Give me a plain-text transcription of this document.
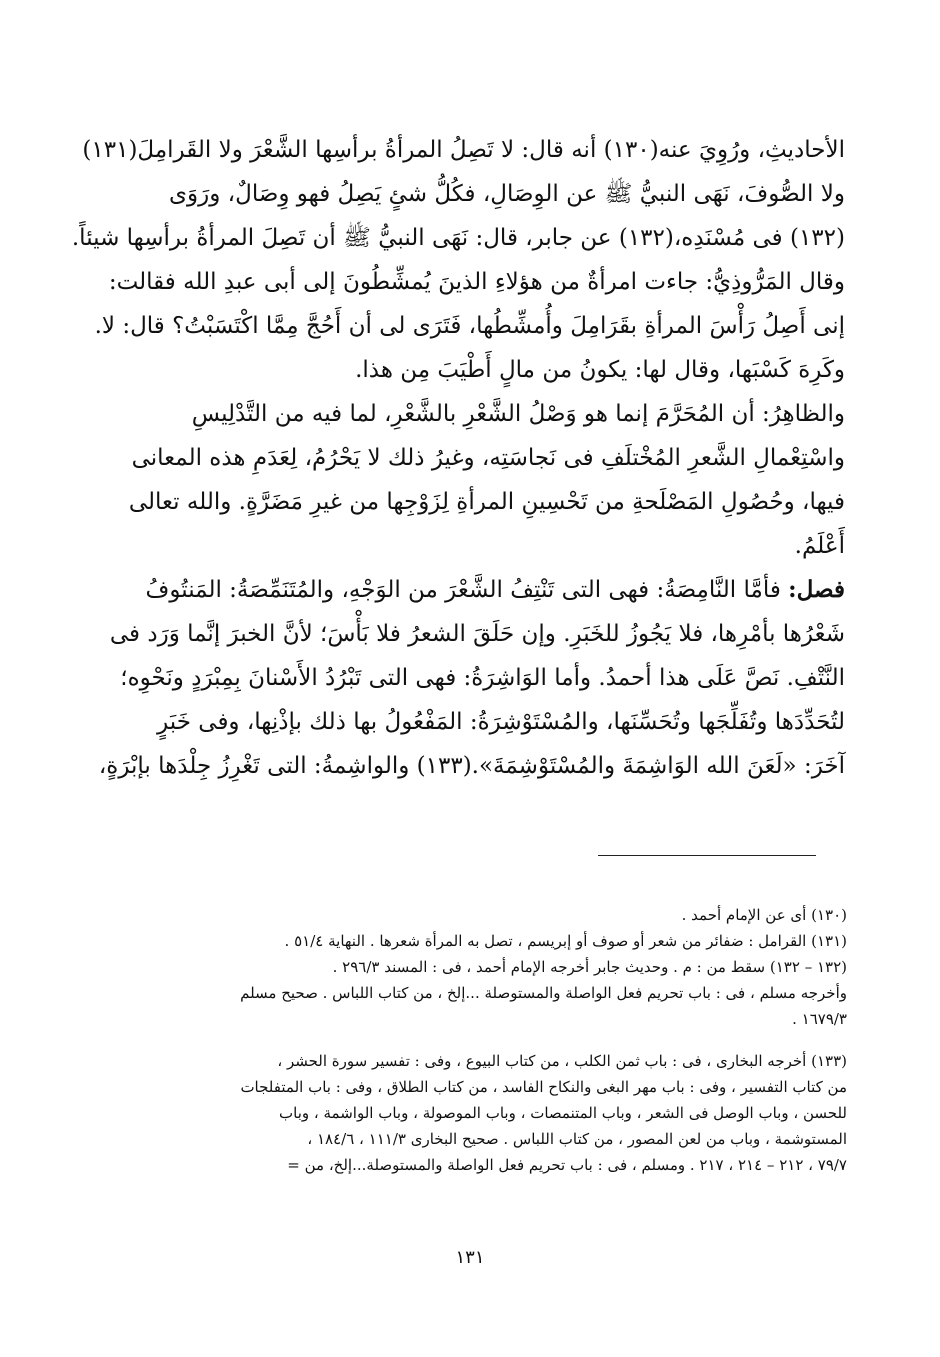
الأحاديثِ، ورُوِيَ عنه(١٣٠) أنه قال: لا تَصِلُ المرأةُ برأسِها الشَّعْرَ ولا القَرامِلَ(١٣١)
ولا الصُّوفَ، نَهَى النبيُّ ﷺ عن الوِصَالِ، فكُلُّ شئٍ يَصِلُ فهو وِصَالٌ، ورَوَى
(١٣٢) فى مُسْنَدِه،(١٣٢) عن جابر، قال: نَهَى النبيُّ ﷺ أن تَصِلَ المرأةُ برأسِها شيئاً.
وقال المَرُّوذِيُّ: جاءت امرأةٌ من هؤلاءِ الذينَ يُمشِّطُونَ إلى أبى عبدِ الله فقالت:
إنى أَصِلُ رَأْسَ المرأةِ بقَرَامِلَ وأُمشِّطُها، فَتَرَى لى أن أَحُجَّ مِمَّا اكْتَسَبْتُ؟ قال: لا.
وكَرِهَ كَسْبَها، وقال لها: يكونُ من مالٍ أَطْيَبَ مِن هذا.
والظاهِرُ: أن المُحَرَّمَ إنما هو وَصْلُ الشَّعْرِ بالشَّعْرِ، لما فيه من التَّدْلِيسِ
واسْتِعْمالِ الشَّعرِ المُخْتلَفِ فى نَجاسَتِه، وغيرُ ذلك لا يَحْرُمُ، لِعَدَمِ هذه المعانى
فيها، وحُصُولِ المَصْلَحةِ من تَحْسِينِ المرأةِ لِزَوْجِها من غيرِ مَضَرَّةٍ. والله تعالى
أَعْلَمُ.
فصل: فأمَّا النَّامِصَةُ: فهى التى تَنْتِفُ الشَّعْرَ من الوَجْهِ، والمُتَنَمِّصَةُ: المَنتُوفُ
شَعْرُها بأمْرِها، فلا يَجُوزُ للخَبَرِ. وإن حَلَقَ الشعرُ فلا بَأْسَ؛ لأنَّ الخبرَ إنَّما وَرَد فى
النَّتْفِ. نَصَّ عَلَى هذا أحمدُ. وأما الوَاشِرَةُ: فهى التى تَبْرُدُ الأَسْنانَ بِمِبْرَدٍ ونَحْوِه؛
لتُحَدِّدَها وتُفَلِّجَها وتُحَسِّنَها، والمُسْتَوْشِرَةُ: المَفْعُولُ بها ذلك بإذْنِها، وفى خَبَرٍ
آخَرَ: «لَعَنَ الله الوَاشِمَةَ والمُسْتَوْشِمَةَ».(١٣٣) والواشِمةُ: التى تَغْرِزُ جِلْدَها بإبْرَةٍ،
(١٣٠) أى عن الإمام أحمد .
(١٣١) القرامل : ضفائر من شعر أو صوف أو إبريسم ، تصل به المرأة شعرها . النهاية ٥١/٤ .
(١٣٢ – ١٣٢) سقط من : م . وحديث جابر أخرجه الإمام أحمد ، فى : المسند ٢٩٦/٣ .
وأخرجه مسلم ، فى : باب تحريم فعل الواصلة والمستوصلة ...إلخ ، من كتاب اللباس . صحيح مسلم
١٦٧٩/٣ .
(١٣٣) أخرجه البخارى ، فى : باب ثمن الكلب ، من كتاب البيوع ، وفى : تفسير سورة الحشر ،
من كتاب التفسير ، وفى : باب مهر البغى والنكاح الفاسد ، من كتاب الطلاق ، وفى : باب المتفلجات
للحسن ، وباب الوصل فى الشعر ، وباب المتنمصات ، وباب الموصولة ، وباب الواشمة ، وباب
المستوشمة ، وباب من لعن المصور ، من كتاب اللباس . صحيح البخارى ١١١/٣ ، ١٨٤/٦ ،
٧٩/٧ ، ٢١٢ – ٢١٤ ، ٢١٧ . ومسلم ، فى : باب تحريم فعل الواصلة والمستوصلة...إلخ، من =
١٣١
